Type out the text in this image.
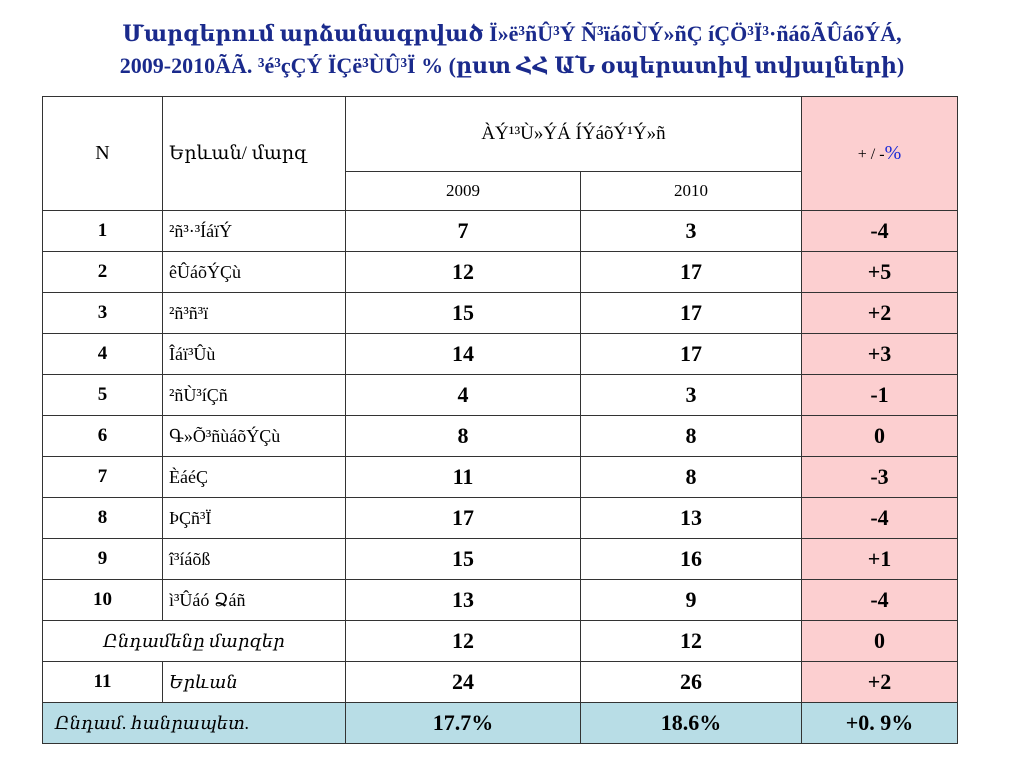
Մարզերում արձանագրված Ï»ë³ñÛ³Ý Ñ³ïáõÙÝ»ñÇ íÇÖ³Ï³·ñáõÃÛáõÝÁ,
2009-2010ÃÃ. ³é³çÇÝ ÏÇë³ÙÛ³Ï % (ըստ ՀՀ ԱՆ օպերատիվ տվյալների)
N	Երևան/ մարզ	ÀÝ¹³Ù»ÝÁ ÍÝáõÝ¹Ý»ñ		+ / -%
		2009	2010	
1	²ñ³·³ÍáïÝ	7	3	-4
2	êÛáõÝÇù	12	17	+5
3	²ñ³ñ³ï	15	17	+2
4	Îáï³Ûù	14	17	+3
5	²ñÙ³íÇñ	4	3	-1
6	Գ»Õ³ñùáõÝÇù	8	8	0
7	ÈáéÇ	11	8	-3
8	ÞÇñ³Ï	17	13	-4
9	î³íáõß	15	16	+1
10	ì³Ûáó Ձáñ	13	9	-4
Ընդամենը մարզեր		12	12	0
11	Երևան	24	26	+2
Ընդամ. հանրապետ.		17.7%	18.6%	+0. 9%
